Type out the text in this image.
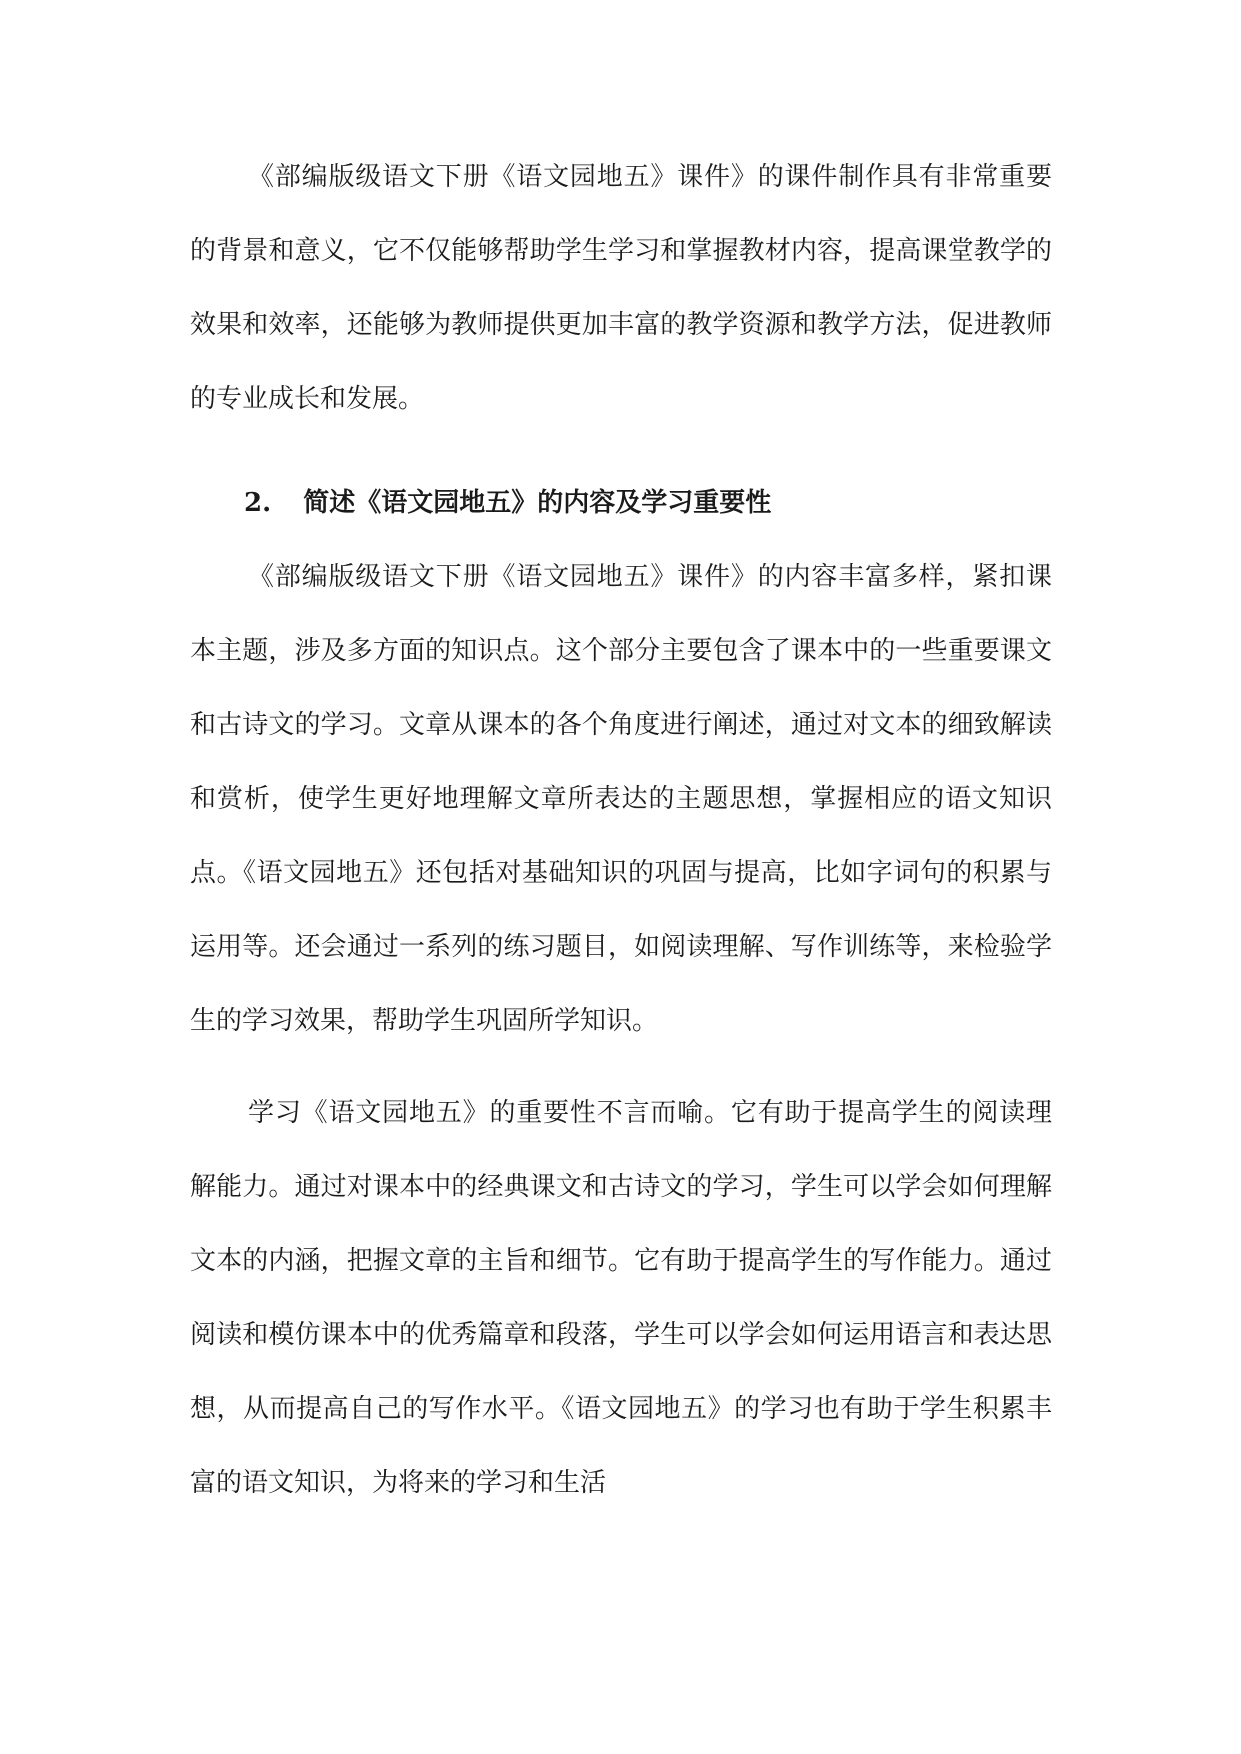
《部编版级语文下册《语文园地五》课件》的课件制作具有非常重要的背景和意义，它不仅能够帮助学生学习和掌握教材内容，提高课堂教学的效果和效率，还能够为教师提供更加丰富的教学资源和教学方法，促进教师的专业成长和发展。

2. 简述《语文园地五》的内容及学习重要性

《部编版级语文下册《语文园地五》课件》的内容丰富多样，紧扣课本主题，涉及多方面的知识点。这个部分主要包含了课本中的一些重要课文和古诗文的学习。文章从课本的各个角度进行阐述，通过对文本的细致解读和赏析，使学生更好地理解文章所表达的主题思想，掌握相应的语文知识点。《语文园地五》还包括对基础知识的巩固与提高，比如字词句的积累与运用等。还会通过一系列的练习题目，如阅读理解、写作训练等，来检验学生的学习效果，帮助学生巩固所学知识。

学习《语文园地五》的重要性不言而喻。它有助于提高学生的阅读理解能力。通过对课本中的经典课文和古诗文的学习，学生可以学会如何理解文本的内涵，把握文章的主旨和细节。它有助于提高学生的写作能力。通过阅读和模仿课本中的优秀篇章和段落，学生可以学会如何运用语言和表达思想，从而提高自己的写作水平。《语文园地五》的学习也有助于学生积累丰富的语文知识，为将来的学习和生活
